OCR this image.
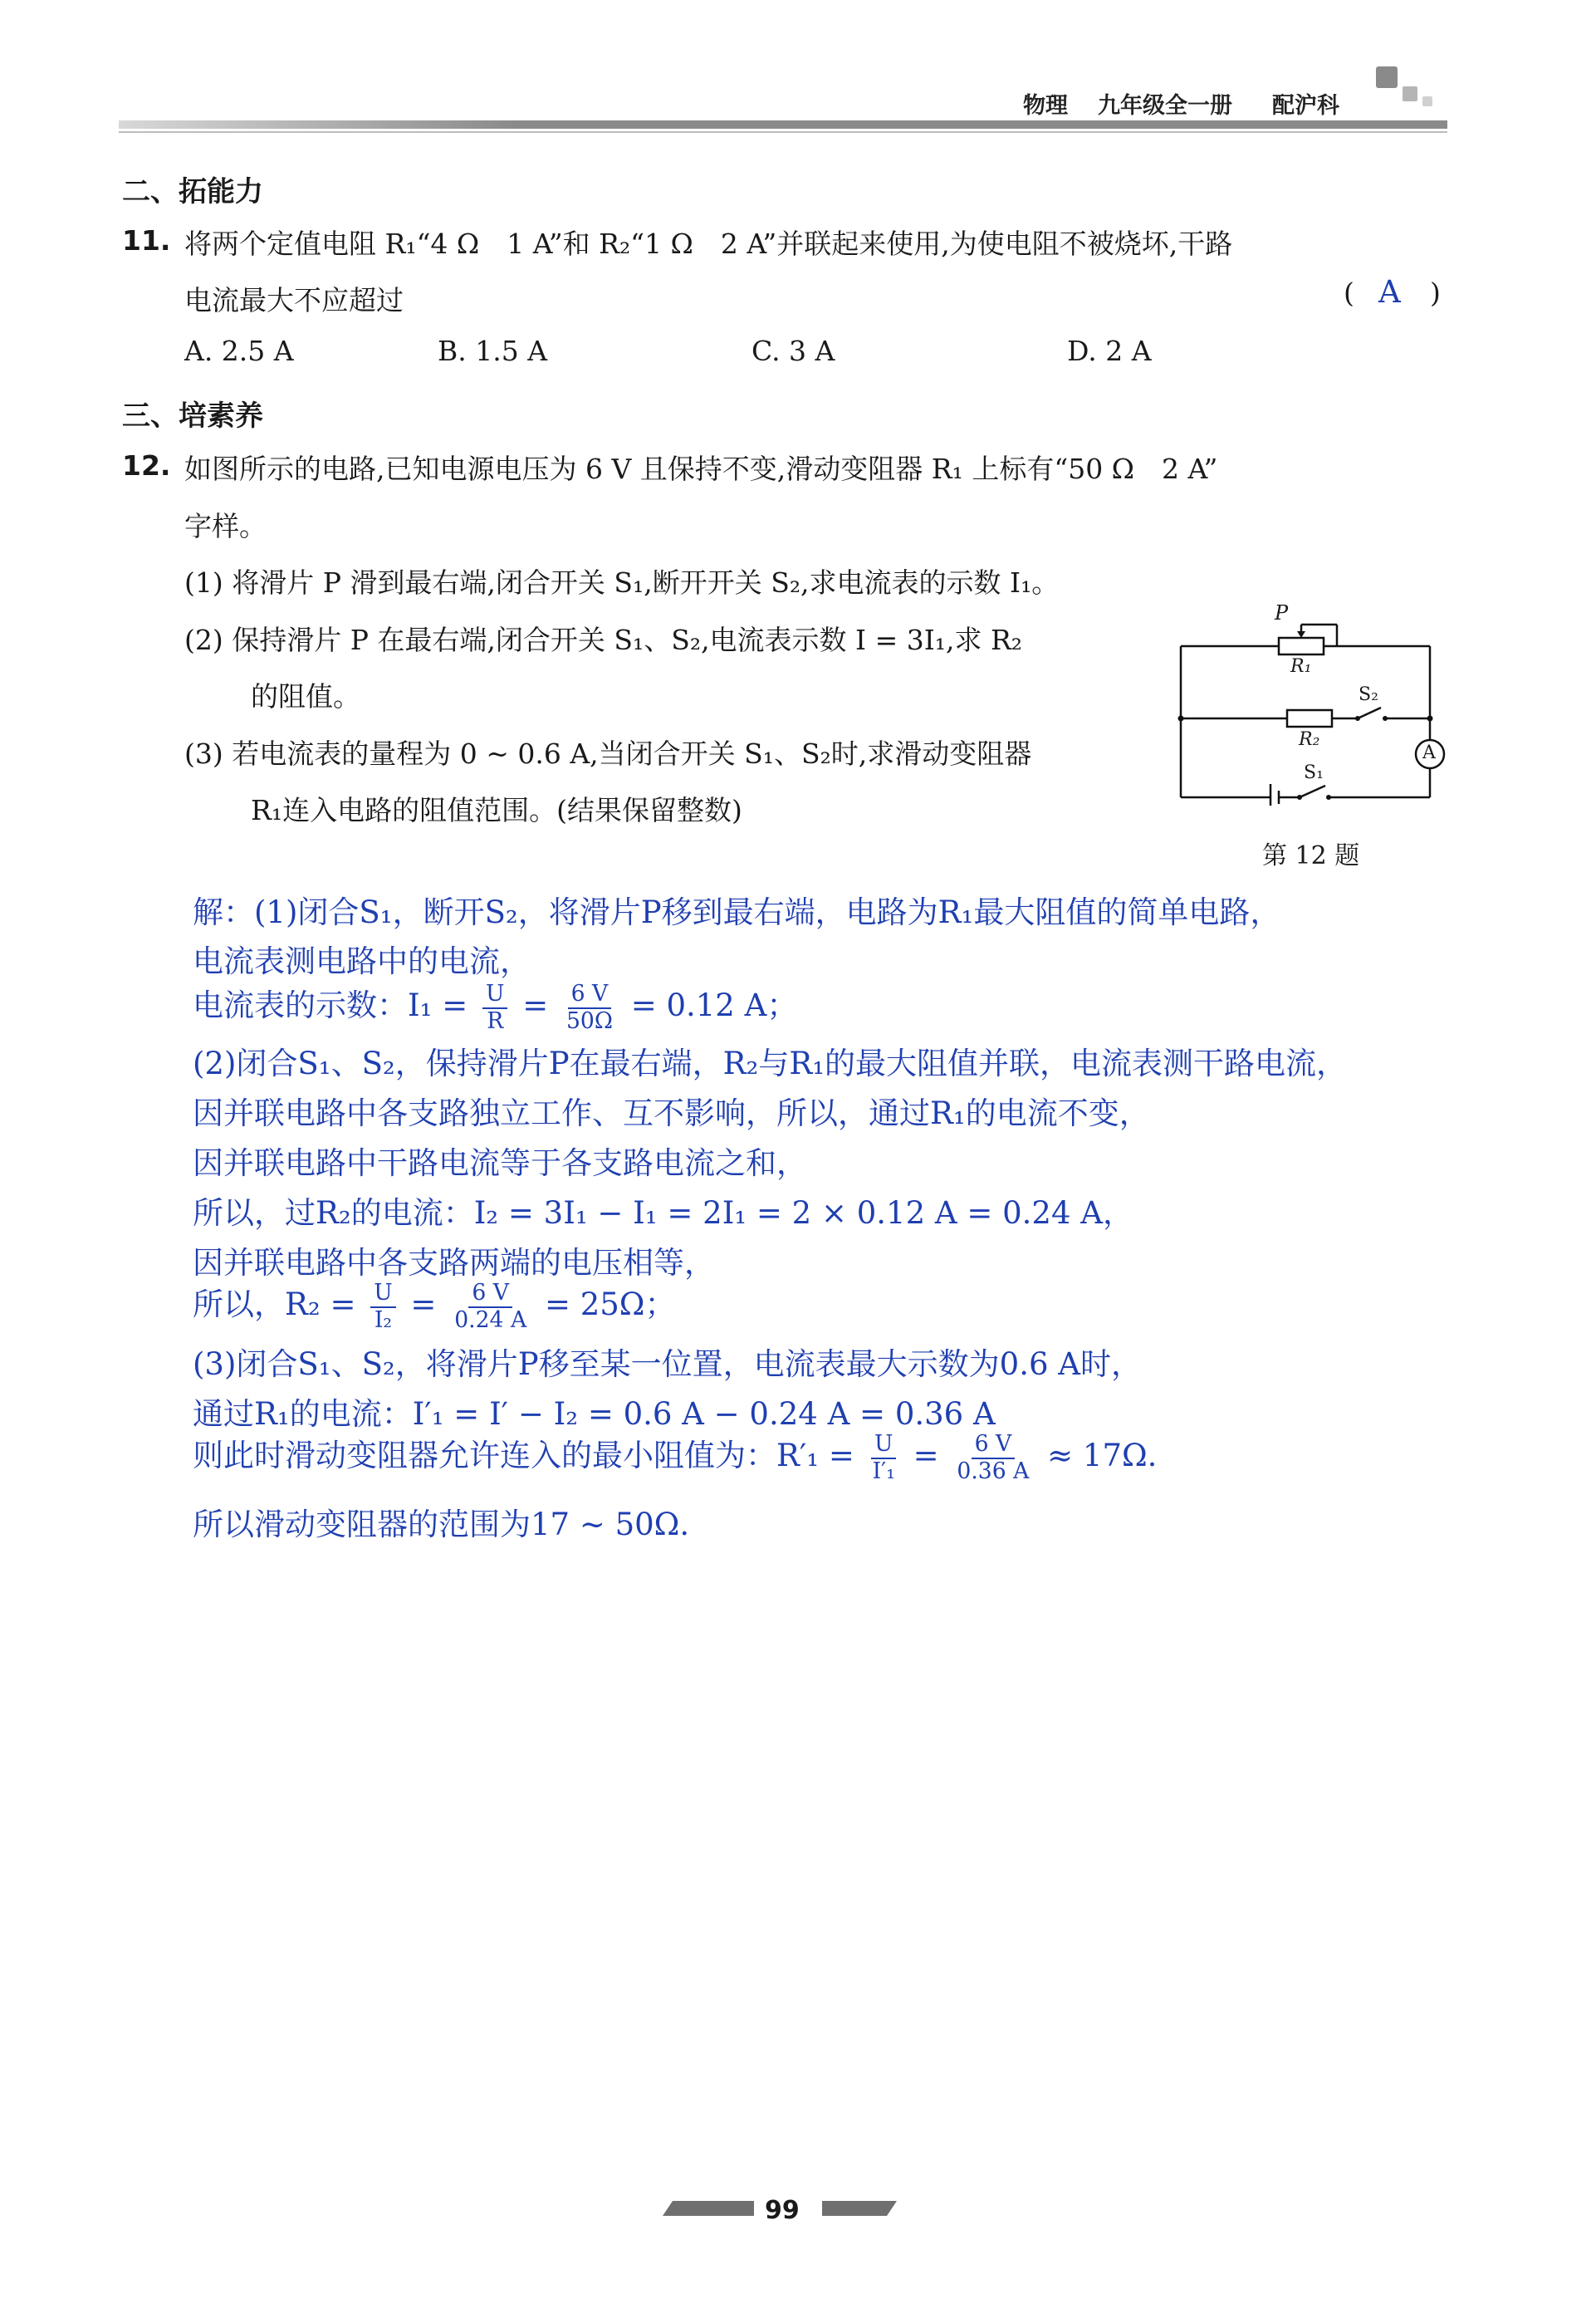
物理 九年级全一册 配沪科
二、拓能力
11. 将两个定值电阻 R₁“4 Ω　1 A”和 R₂“1 Ω　2 A”并联起来使用,为使电阻不被烧坏,干路
电流最大不应超过	( A )
A. 2.5 A	B. 1.5 A	C. 3 A	D. 2 A
三、培素养
12. 如图所示的电路,已知电源电压为 6 V 且保持不变,滑动变阻器 R₁ 上标有“50 Ω　2 A”
字样。
(1) 将滑片 P 滑到最右端,闭合开关 S₁,断开开关 S₂,求电流表的示数 I₁。
(2) 保持滑片 P 在最右端,闭合开关 S₁、S₂,电流表示数 I = 3I₁,求 R₂
的阻值。
(3) 若电流表的量程为 0 ~ 0.6 A,当闭合开关 S₁、S₂时,求滑动变阻器
R₁连入电路的阻值范围。(结果保留整数)
P
R₁
S₂
R₂
S₁
A
第 12 题
解：(1)闭合S₁，断开S₂，将滑片P移到最右端，电路为R₁最大阻值的简单电路，
电流表测电路中的电流，
电流表的示数：$I_1 = \frac{U}{R} = \frac{6 V}{50\Omega} = 0.12$ A；
(2)闭合S₁、S₂，保持滑片P在最右端，R₂与R₁的最大阻值并联，电流表测干路电流，
因并联电路中各支路独立工作、互不影响，所以，通过R₁的电流不变，
因并联电路中干路电流等于各支路电流之和，
所以，过R₂的电流：I₂ = 3I₁ − I₁ = 2I₁ = 2 × 0.12 A = 0.24 A，
因并联电路中各支路两端的电压相等，
所以，$R_2 = \frac{U}{\text{I₂}} = \frac{6 V}{0.24 A} = 25\Omega$；
(3)闭合S₁、S₂，将滑片P移至某一位置，电流表最大示数为0.6 A时，
通过R₁的电流：I′₁ = I′ − I₂ = 0.6 A − 0.24 A = 0.36 A
则此时滑动变阻器允许连入的最小阻值为：$R'_1 = \frac{U}{\text{I′₁}} = \frac{6 V}{0.36 A} \approx 17\Omega$.
所以滑动变阻器的范围为17 ~ 50Ω.
99
